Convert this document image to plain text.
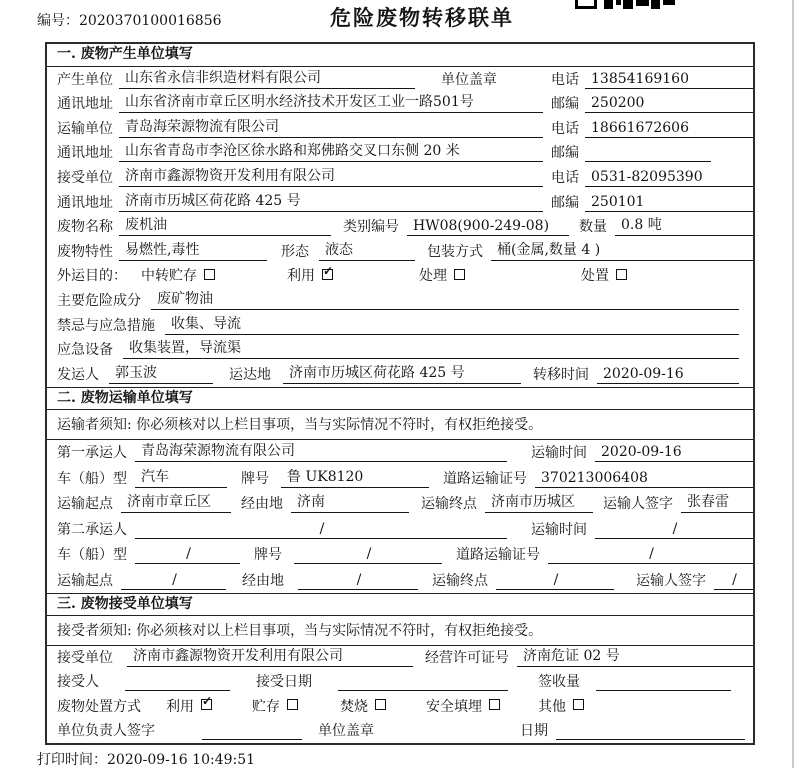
编号：2020370100016856	危险废物转移联单
一. 废物产生单位填写
产生单位 山东省永信非织造材料有限公司	单位盖章	电话 13854169160
通讯地址 山东省济南市章丘区明水经济技术开发区工业一路501号	邮编 250200
运输单位 青岛海荣源物流有限公司	电话 18661672606
通讯地址 山东省青岛市李沧区徐水路和郑佛路交叉口东侧 20 米	邮编
接受单位 济南市鑫源物资开发利用有限公司	电话 0531-82095390
通讯地址 济南市历城区荷花路 425 号	邮编 250101
废物名称 废机油	类别编号	HW08(900-249-08)	数量	0.8 吨
废物特性 易燃性,毒性	形态	液态	包装方式	桶(金属,数量 4 )
外运目的： 中转贮存	利用 ✓	处理	处置
主要危险成分	废矿物油
禁忌与应急措施	收集、导流
应急设备	收集装置，导流渠
发运人	郭玉波	运达地	济南市历城区荷花路 425 号	转移时间	2020-09-16
二. 废物运输单位填写
运输者须知: 你必须核对以上栏目事项，当与实际情况不符时，有权拒绝接受。
第一承运人	青岛海荣源物流有限公司	运输时间	2020-09-16
车（船）型	汽车	牌号	鲁 UK8120	道路运输证号	370213006408
运输起点	济南市章丘区	经由地	济南	运输终点	济南市历城区	运输人签字	张春雷
第二承运人	/	运输时间	/
车（船）型	/	牌号	/	道路运输证号	/
运输起点	/	经由地	/	运输终点	/	运输人签字	/
三. 废物接受单位填写
接受者须知: 你必须核对以上栏目事项，当与实际情况不符时，有权拒绝接受。
接受单位	济南市鑫源物资开发利用有限公司	经营许可证号	济南危证 02 号
接受人	接受日期	签收量
废物处置方式 利用 ✓	贮存	焚烧	安全填埋	其他
单位负责人签字	单位盖章	日期
打印时间：2020-09-16 10:49:51
